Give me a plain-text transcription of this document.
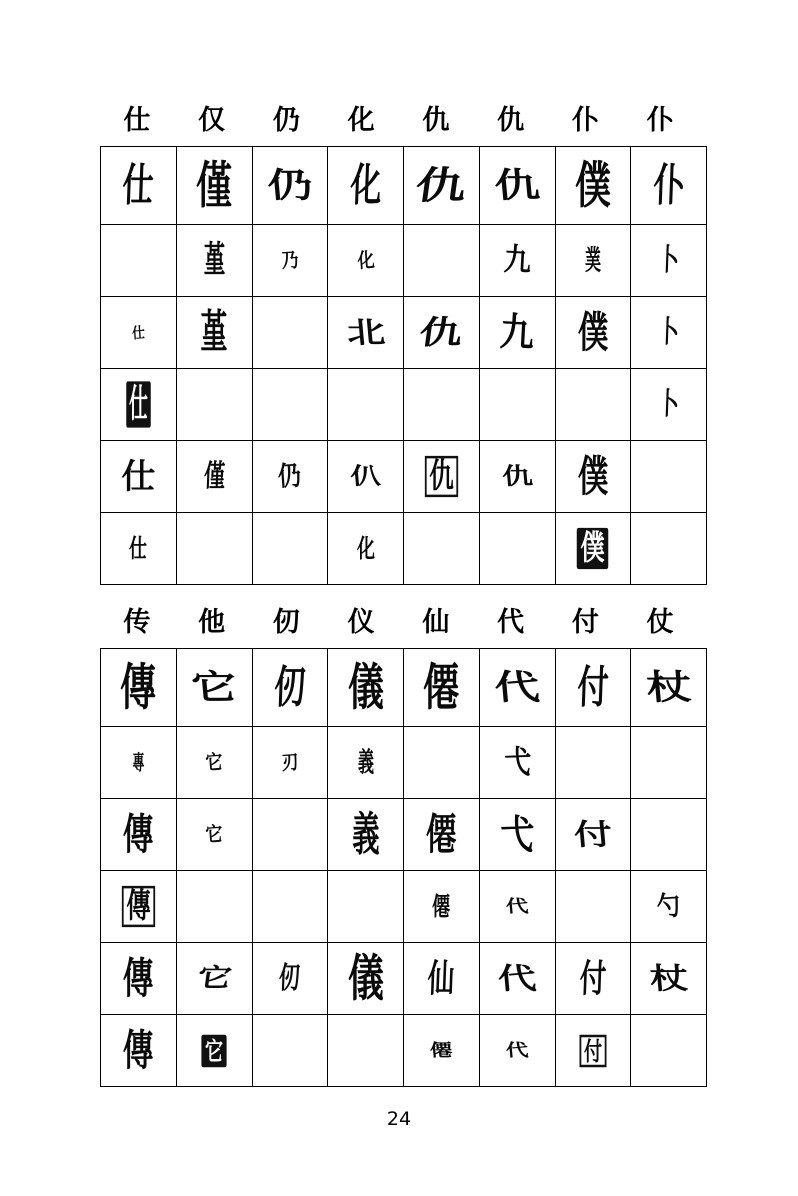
仕	仅	仍	化	仇	仇	仆	仆
仕	僅	仍	化	仇	仇	僕	仆
	堇	乃	化		九	菐	卜
仕	堇		北	仇	九	僕	卜
仕							卜
仕	僅	仍	仈	仇	仇	僕	
仕			化			僕	
传	他	仞	仪	仙	代	付	仗
傳	它	仞	儀	僊	代	付	杖
專	它	刃	義		弋		
傳	它		義	僊	弋	付	
傳				僊	代		勺
傳	它	仞	儀	仙	代	付	杖
傳	它			僊	代	付	
24
